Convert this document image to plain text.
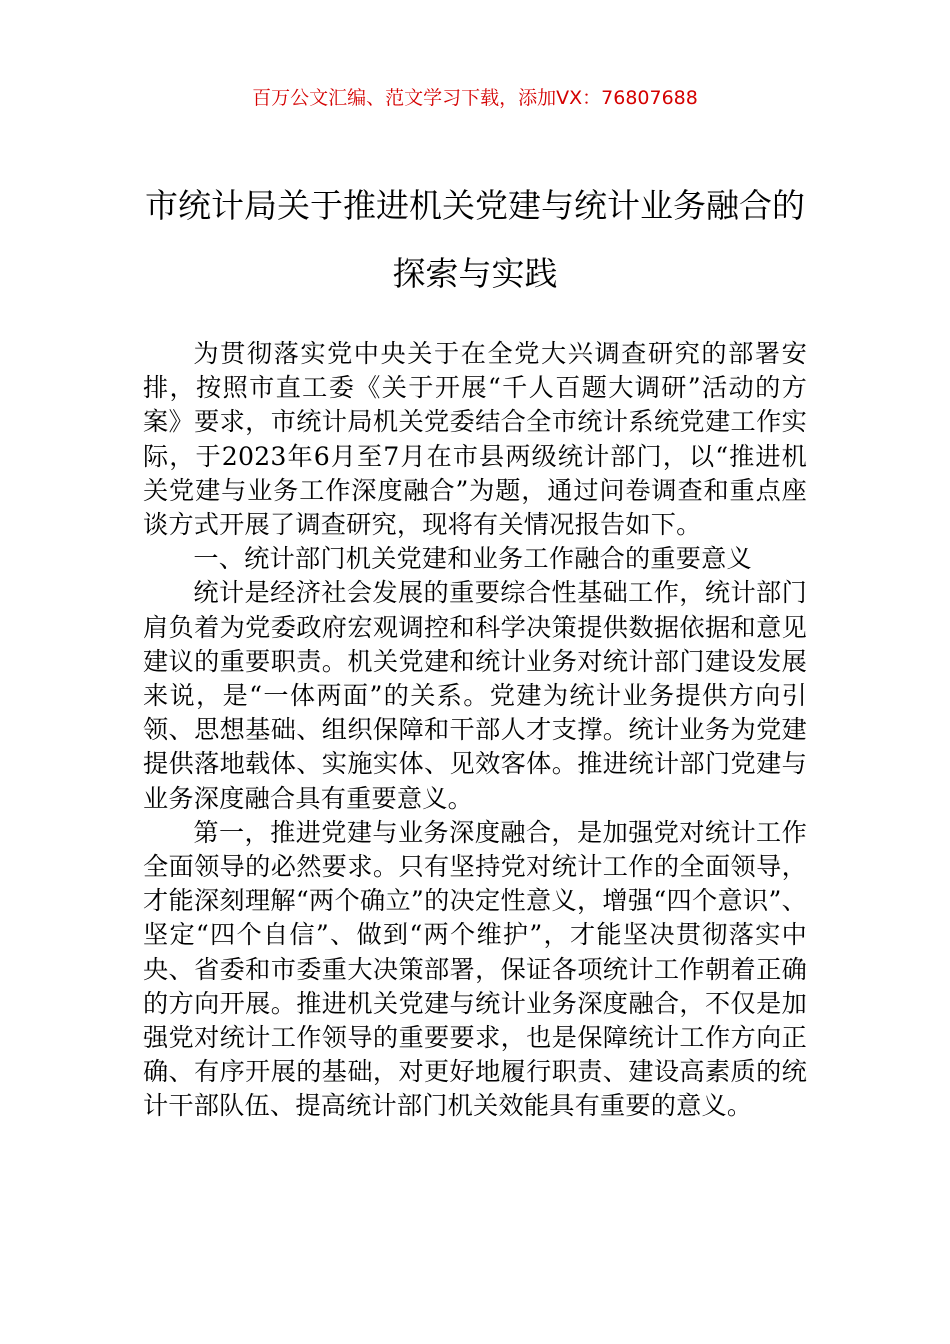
百万公文汇编、范文学习下载，添加VX：76807688
市统计局关于推进机关党建与统计业务融合的探索与实践

为贯彻落实党中央关于在全党大兴调查研究的部署安排，按照市直工委《关于开展“千人百题大调研”活动的方案》要求，市统计局机关党委结合全市统计系统党建工作实际，于2023年6月至7月在市县两级统计部门，以“推进机关党建与业务工作深度融合”为题，通过问卷调查和重点座谈方式开展了调查研究，现将有关情况报告如下。

一、统计部门机关党建和业务工作融合的重要意义

统计是经济社会发展的重要综合性基础工作，统计部门肩负着为党委政府宏观调控和科学决策提供数据依据和意见建议的重要职责。机关党建和统计业务对统计部门建设发展来说，是“一体两面”的关系。党建为统计业务提供方向引领、思想基础、组织保障和干部人才支撑。统计业务为党建提供落地载体、实施实体、见效客体。推进统计部门党建与业务深度融合具有重要意义。

第一，推进党建与业务深度融合，是加强党对统计工作全面领导的必然要求。只有坚持党对统计工作的全面领导，才能深刻理解“两个确立”的决定性意义，增强“四个意识”、坚定“四个自信”、做到“两个维护”，才能坚决贯彻落实中央、省委和市委重大决策部署，保证各项统计工作朝着正确的方向开展。推进机关党建与统计业务深度融合，不仅是加强党对统计工作领导的重要要求，也是保障统计工作方向正确、有序开展的基础，对更好地履行职责、建设高素质的统计干部队伍、提高统计部门机关效能具有重要的意义。
